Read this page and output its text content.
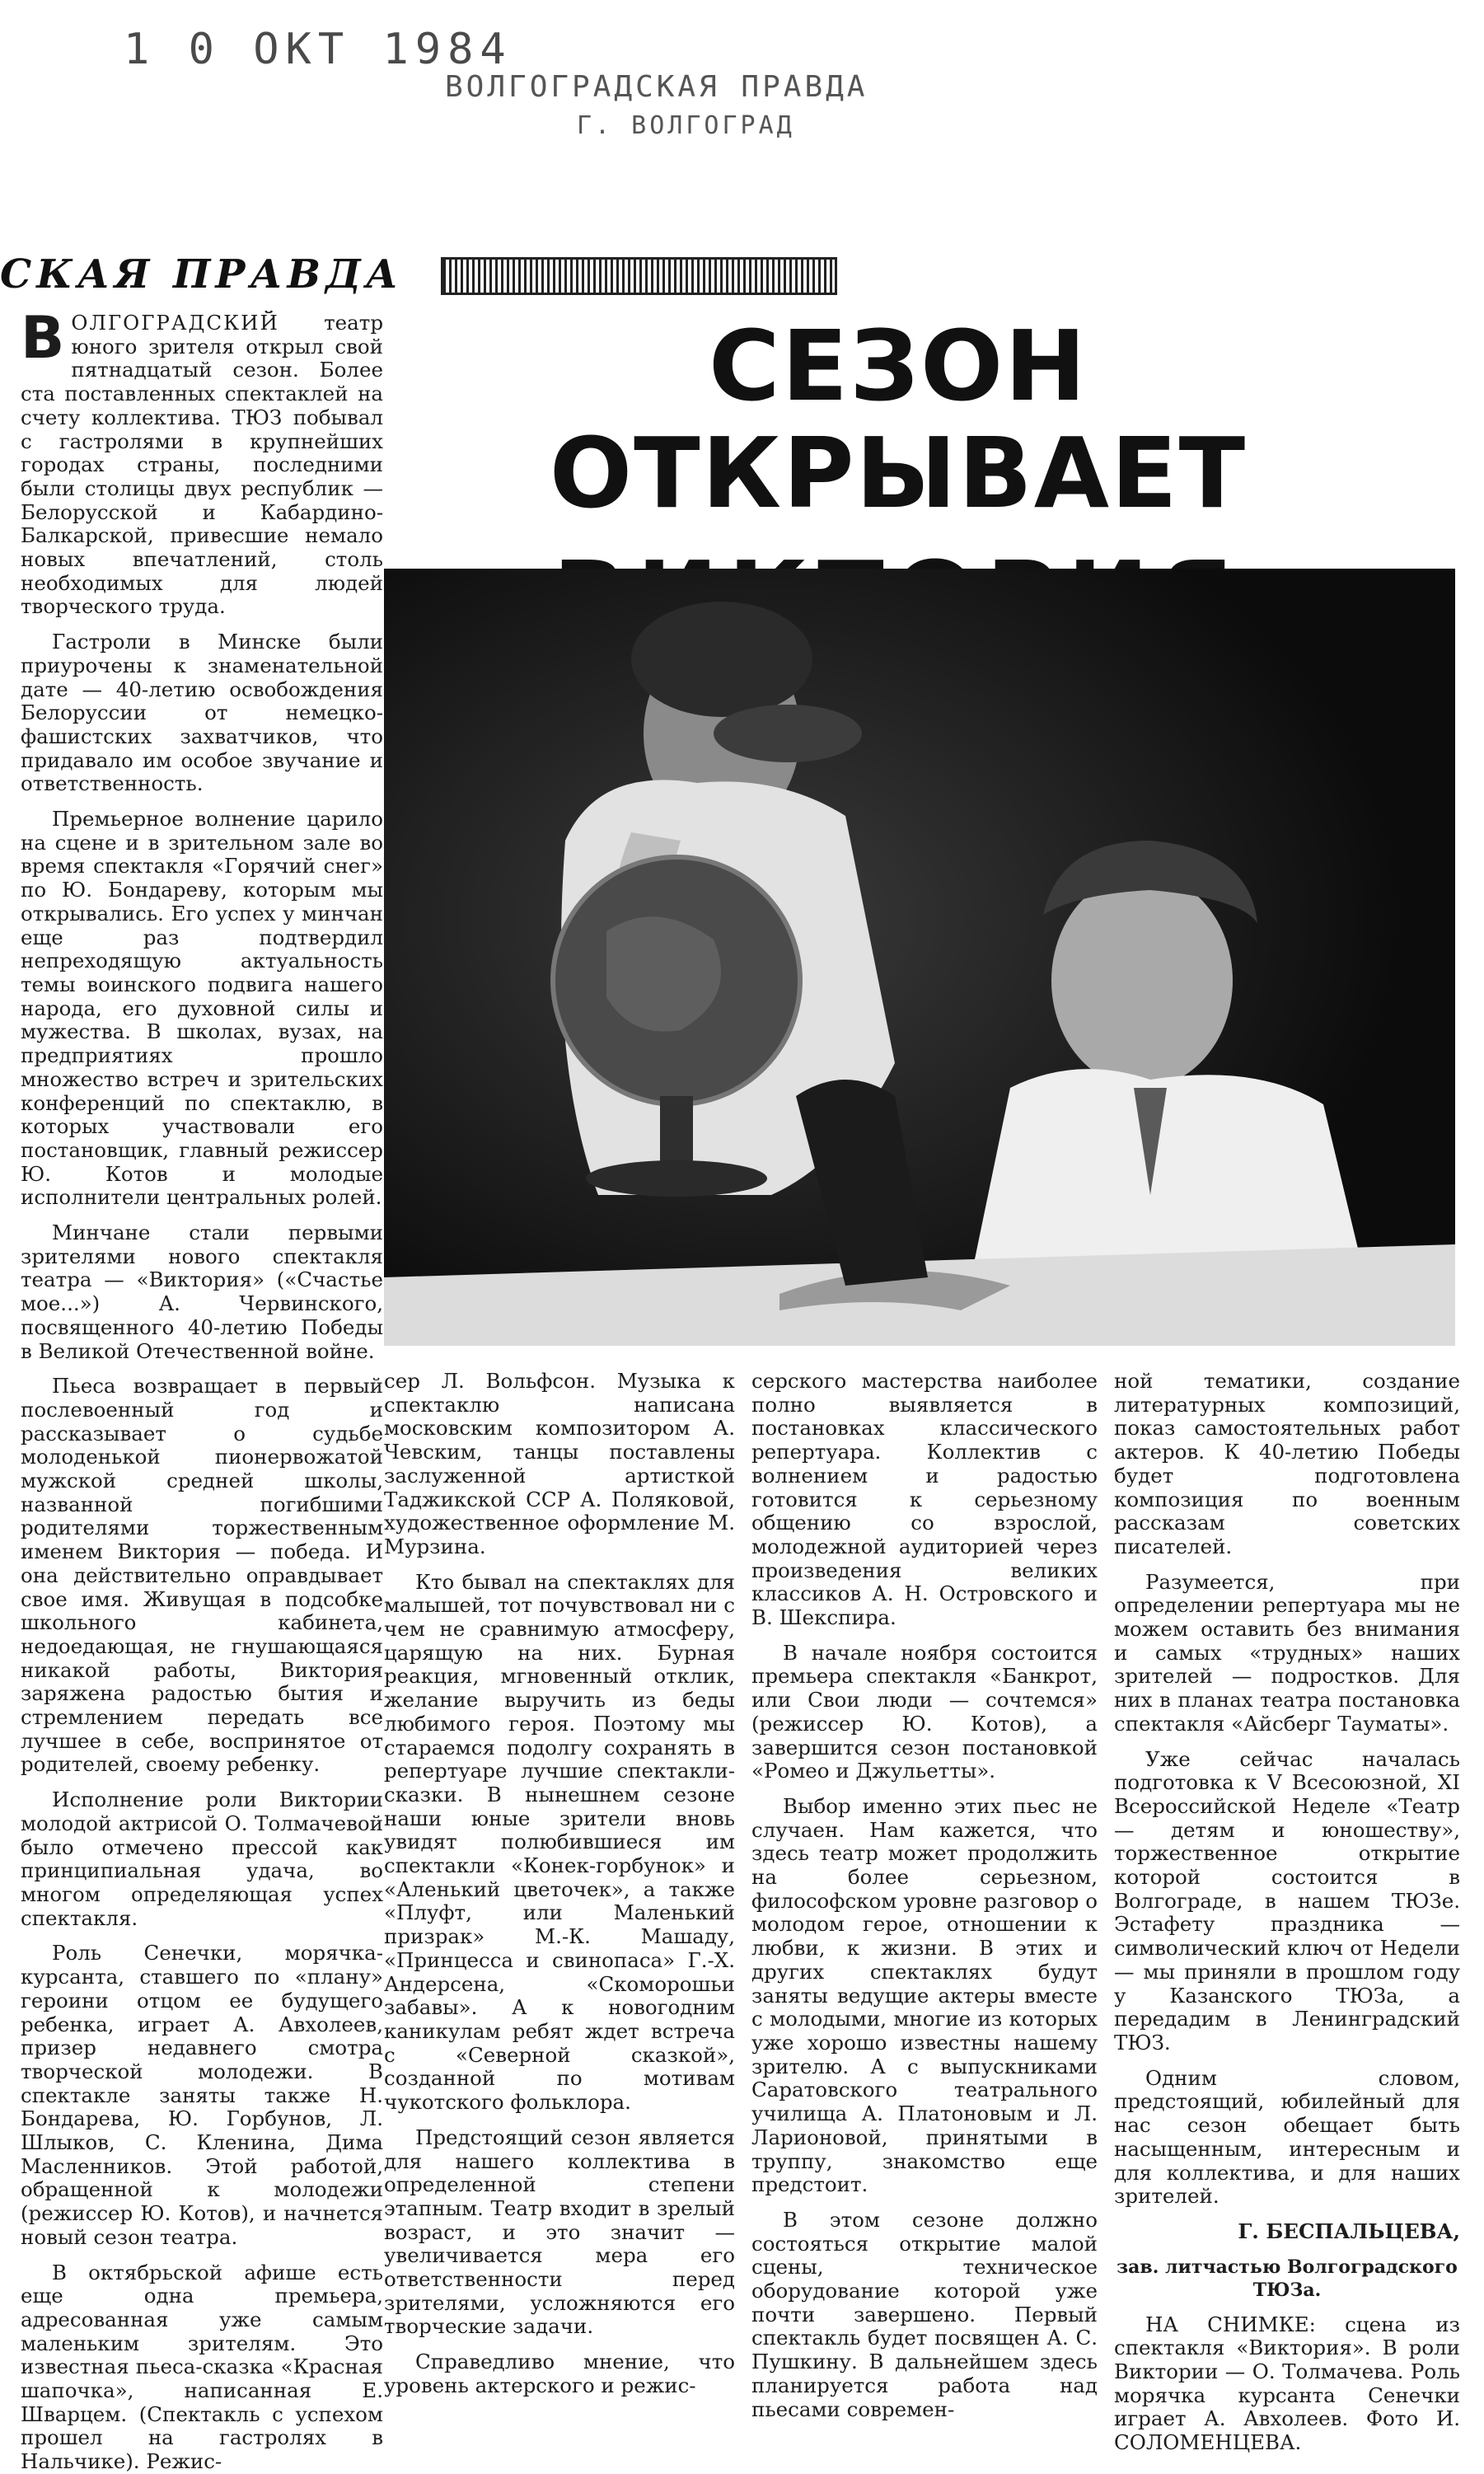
1 0 ОКТ 1984
ВОЛГОГРАДСКАЯ ПРАВДА
Г. ВОЛГОГРАД
СКАЯ ПРАВДА
СЕЗОН ОТКРЫВАЕТ

ВОЛГОГРАДСКИЙ театр юного зрителя открыл свой пятнадцатый сезон. Более ста поставленных спектаклей на счету коллектива. ТЮЗ побывал с гастролями в крупнейших городах страны, последними были столицы двух республик — Белорусской и Кабардино-Балкарской, привесшие немало новых впечатлений, столь необходимых для людей творческого труда.

Гастроли в Минске были приурочены к знаменательной дате — 40-летию освобождения Белоруссии от немецко-фашистских захватчиков, что придавало им особое звучание и ответственность.

Премьерное волнение царило на сцене и в зрительном зале во время спектакля «Горячий снег» по Ю. Бондареву, которым мы открывались. Его успех у минчан еще раз подтвердил непреходящую актуальность темы воинского подвига нашего народа, его духовной силы и мужества. В школах, вузах, на предприятиях прошло множество встреч и зрительских конференций по спектаклю, в которых участвовали его постановщик, главный режиссер Ю. Котов и молодые исполнители центральных ролей.

Минчане стали первыми зрителями нового спектакля театра — «Виктория» («Счастье мое...») А. Червинского, посвященного 40-летию Победы в Великой Отечественной войне.

Пьеса возвращает в первый послевоенный год и рассказывает о судьбе молоденькой пионервожатой мужской средней школы, названной погибшими родителями торжественным именем Виктория — победа. И она действительно оправдывает свое имя. Живущая в подсобке школьного кабинета, недоедающая, не гнушающаяся никакой работы, Виктория заряжена радостью бытия и стремлением передать все лучшее в себе, воспринятое от родителей, своему ребенку.

Исполнение роли Виктории молодой актрисой О. Толмачевой было отмечено прессой как принципиальная удача, во многом определяющая успех спектакля.

Роль Сенечки, морячка-курсанта, ставшего по «плану» героини отцом ее будущего ребенка, играет А. Авхолеев, призер недавнего смотра творческой молодежи. В спектакле заняты также Н. Бондарева, Ю. Горбунов, Л. Шлыков, С. Кленина, Дима Масленников. Этой работой, обращенной к молодежи (режиссер Ю. Котов), и начнется новый сезон театра.

В октябрьской афише есть еще одна премьера, адресованная уже самым маленьким зрителям. Это известная пьеса-сказка «Красная шапочка», написанная Е. Шварцем. (Спектакль с успехом прошел на гастролях в Нальчике). Режис-

сер Л. Вольфсон. Музыка к спектаклю написана московским композитором А. Чевским, танцы поставлены заслуженной артисткой Таджикской ССР А. Поляковой, художественное оформление М. Мурзина.

Кто бывал на спектаклях для малышей, тот почувствовал ни с чем не сравнимую атмосферу, царящую на них. Бурная реакция, мгновенный отклик, желание выручить из беды любимого героя. Поэтому мы стараемся подолгу сохранять в репертуаре лучшие спектакли-сказки. В нынешнем сезоне наши юные зрители вновь увидят полюбившиеся им спектакли «Конек-горбунок» и «Аленький цветочек», а также «Плуфт, или Маленький призрак» М.-К. Машаду, «Принцесса и свинопаса» Г.-Х. Андерсена, «Скоморошьи забавы». А к новогодним каникулам ребят ждет встреча с «Северной сказкой», созданной по мотивам чукотского фольклора.

Предстоящий сезон является для нашего коллектива в определенной степени этапным. Театр входит в зрелый возраст, и это значит — увеличивается мера его ответственности перед зрителями, усложняются его творческие задачи.

Справедливо мнение, что уровень актерского и режис-

серского мастерства наиболее полно выявляется в постановках классического репертуара. Коллектив с волнением и радостью готовится к серьезному общению со взрослой, молодежной аудиторией через произведения великих классиков А. Н. Островского и В. Шекспира.

В начале ноября состоится премьера спектакля «Банкрот, или Свои люди — сочтемся» (режиссер Ю. Котов), а завершится сезон постановкой «Ромео и Джульетты».

Выбор именно этих пьес не случаен. Нам кажется, что здесь театр может продолжить на более серьезном, философском уровне разговор о молодом герое, отношении к любви, к жизни. В этих и других спектаклях будут заняты ведущие актеры вместе с молодыми, многие из которых уже хорошо известны нашему зрителю. А с выпускниками Саратовского театрального училища А. Платоновым и Л. Ларионовой, принятыми в труппу, знакомство еще предстоит.

В этом сезоне должно состояться открытие малой сцены, техническое оборудование которой уже почти завершено. Первый спектакль будет посвящен А. С. Пушкину. В дальнейшем здесь планируется работа над пьесами современ-

ной тематики, создание литературных композиций, показ самостоятельных работ актеров. К 40-летию Победы будет подготовлена композиция по военным рассказам советских писателей.

Разумеется, при определении репертуара мы не можем оставить без внимания и самых «трудных» наших зрителей — подростков. Для них в планах театра постановка спектакля «Айсберг Тауматы».

Уже сейчас началась подготовка к V Всесоюзной, XI Всероссийской Неделе «Театр — детям и юношеству», торжественное открытие которой состоится в Волгограде, в нашем ТЮЗе. Эстафету праздника — символический ключ от Недели — мы приняли в прошлом году у Казанского ТЮЗа, а передадим в Ленинградский ТЮЗ.

Одним словом, предстоящий, юбилейный для нас сезон обещает быть насыщенным, интересным и для коллектива, и для наших зрителей.

Г. БЕСПАЛЬЦЕВА,

зав. литчастью Волгоградского ТЮЗа.

НА СНИМКЕ: сцена из спектакля «Виктория». В роли Виктории — О. Толмачева. Роль морячка курсанта Сенечки играет А. Авхолеев. Фото И. СОЛОМЕНЦЕВА.
